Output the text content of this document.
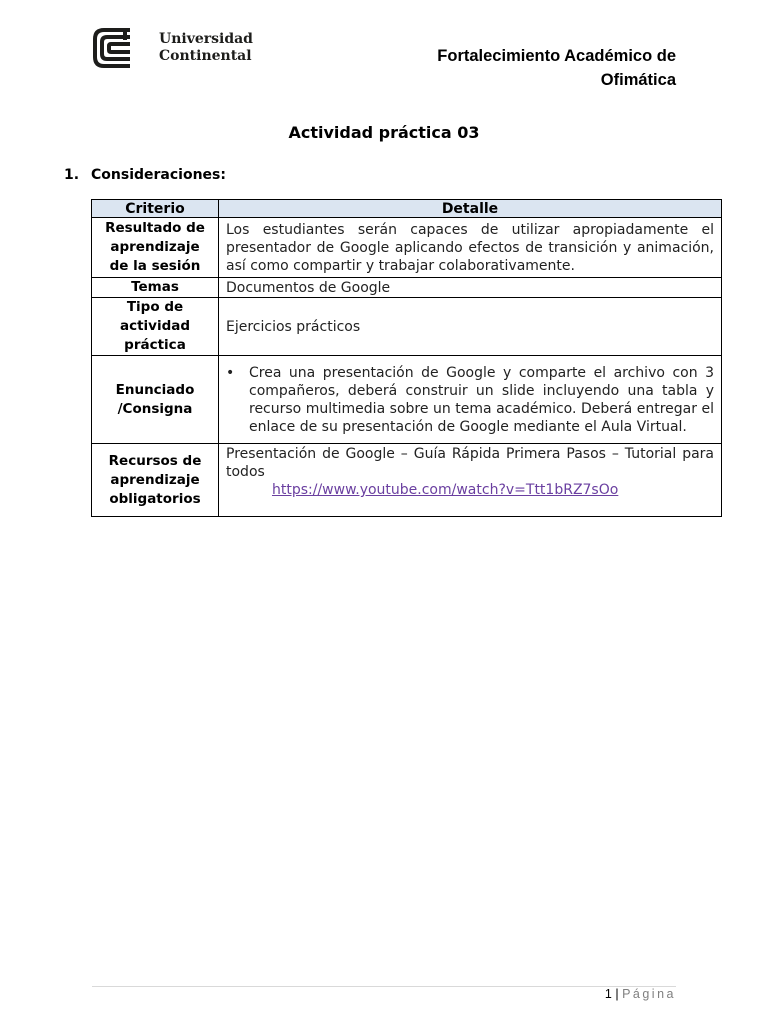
Universidad
Continental	Fortalecimiento Académico de
Ofimática
Actividad práctica 03
1. Consideraciones:
Criterio	Detalle
Resultado de aprendizaje de la sesión	Los estudiantes serán capaces de utilizar apropiadamente el presentador de Google aplicando efectos de transición y animación, así como compartir y trabajar colaborativamente.
Temas	Documentos de Google
Tipo de actividad práctica	Ejercicios prácticos
Enunciado /Consigna	• Crea una presentación de Google y comparte el archivo con 3 compañeros, deberá construir un slide incluyendo una tabla y recurso multimedia sobre un tema académico. Deberá entregar el enlace de su presentación de Google mediante el Aula Virtual.

Recursos de aprendizaje obligatorios	Presentación de Google – Guía Rápida Primera Pasos – Tutorial para todos
https://www.youtube.com/watch?v=Ttt1bRZ7sOo
1 | Página
